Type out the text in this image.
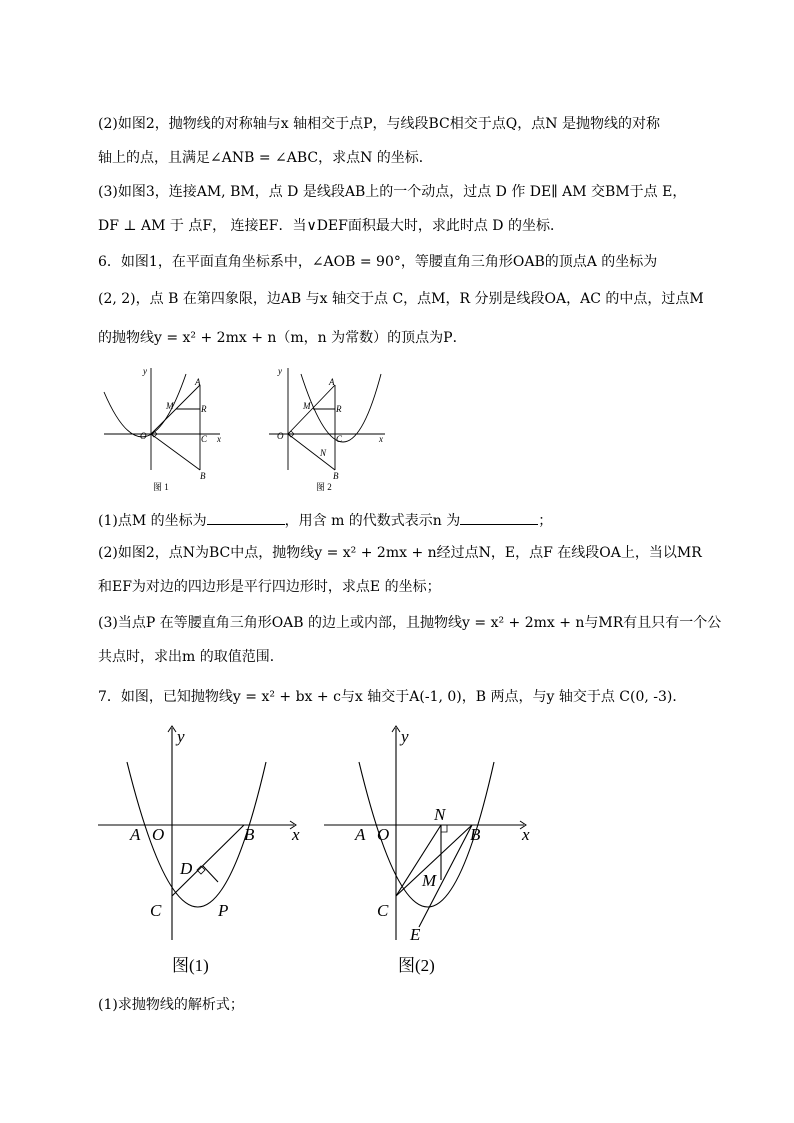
(2)如图2，抛物线的对称轴与x 轴相交于点P，与线段BC相交于点Q，点N 是抛物线的对称
轴上的点，且满足∠ANB = ∠ABC，求点N 的坐标．
(3)如图3，连接AM, BM，点 D 是线段AB上的一个动点，过点 D 作 DE∥ AM 交BM于点 E，
DF ⊥ AM 于 点F， 连接EF．当∨DEF面积最大时，求此时点 D 的坐标．
6．如图1，在平面直角坐标系中，∠AOB = 90°，等腰直角三角形OAB的顶点A 的坐标为
(2, 2)，点 B 在第四象限，边AB 与x 轴交于点 C，点M，R 分别是线段OA，AC 的中点，过点M
的抛物线y = x² + 2mx + n（m，n 为常数）的顶点为P．
y
x
O
A
M	R
C
B
图 1
y
x
O
A
M	R
C
N
B
图 2
(1)点M 的坐标为	，用含 m 的代数式表示n 为	；
(2)如图2，点N为BC中点，抛物线y = x² + 2mx + n经过点N，E，点F 在线段OA上，当以MR
和EF为对边的四边形是平行四边形时，求点E 的坐标；
(3)当点P 在等腰直角三角形OAB 的边上或内部，且抛物线y = x² + 2mx + n与MR有且只有一个公
共点时，求出m 的取值范围．
7．如图，已知抛物线y = x² + bx + c与x 轴交于A(-1, 0)，B 两点，与y 轴交于点 C(0, -3)．
y
x
A O	B
D
C	P
图(1)
y
x
A O	B
N
M
C
E
图(2)
(1)求抛物线的解析式；
